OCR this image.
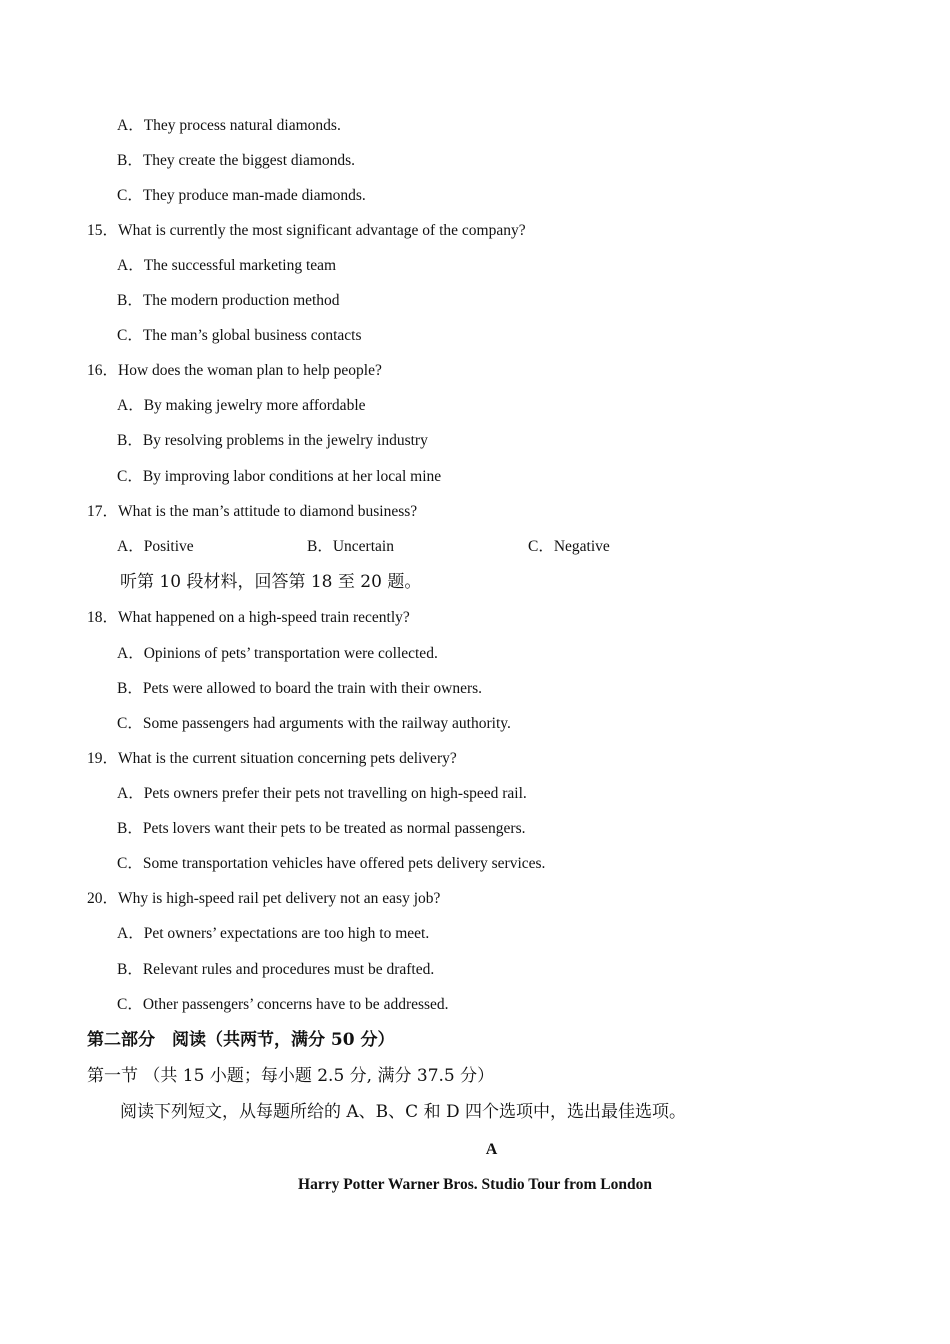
A．They process natural diamonds.
B．They create the biggest diamonds.
C．They produce man-made diamonds.
15．What is currently the most significant advantage of the company?
A．The successful marketing team
B．The modern production method
C．The man’s global business contacts
16．How does the woman plan to help people?
A．By making jewelry more affordable
B．By resolving problems in the jewelry industry
C．By improving labor conditions at her local mine
17．What is the man’s attitude to diamond business?
A．Positive	B．Uncertain	C．Negative
听第 10 段材料，回答第 18 至 20 题。
18．What happened on a high-speed train recently?
A．Opinions of pets’ transportation were collected.
B．Pets were allowed to board the train with their owners.
C．Some passengers had arguments with the railway authority.
19．What is the current situation concerning pets delivery?
A．Pets owners prefer their pets not travelling on high-speed rail.
B．Pets lovers want their pets to be treated as normal passengers.
C．Some transportation vehicles have offered pets delivery services.
20．Why is high-speed rail pet delivery not an easy job?
A．Pet owners’ expectations are too high to meet.
B．Relevant rules and procedures must be drafted.
C．Other passengers’ concerns have to be addressed.
第二部分　阅读（共两节，满分 50 分）
第一节 （共 15 小题；每小题 2.5 分, 满分 37.5 分）
阅读下列短文，从每题所给的 A、B、C 和 D 四个选项中，选出最佳选项。
A
Harry Potter Warner Bros. Studio Tour from London
